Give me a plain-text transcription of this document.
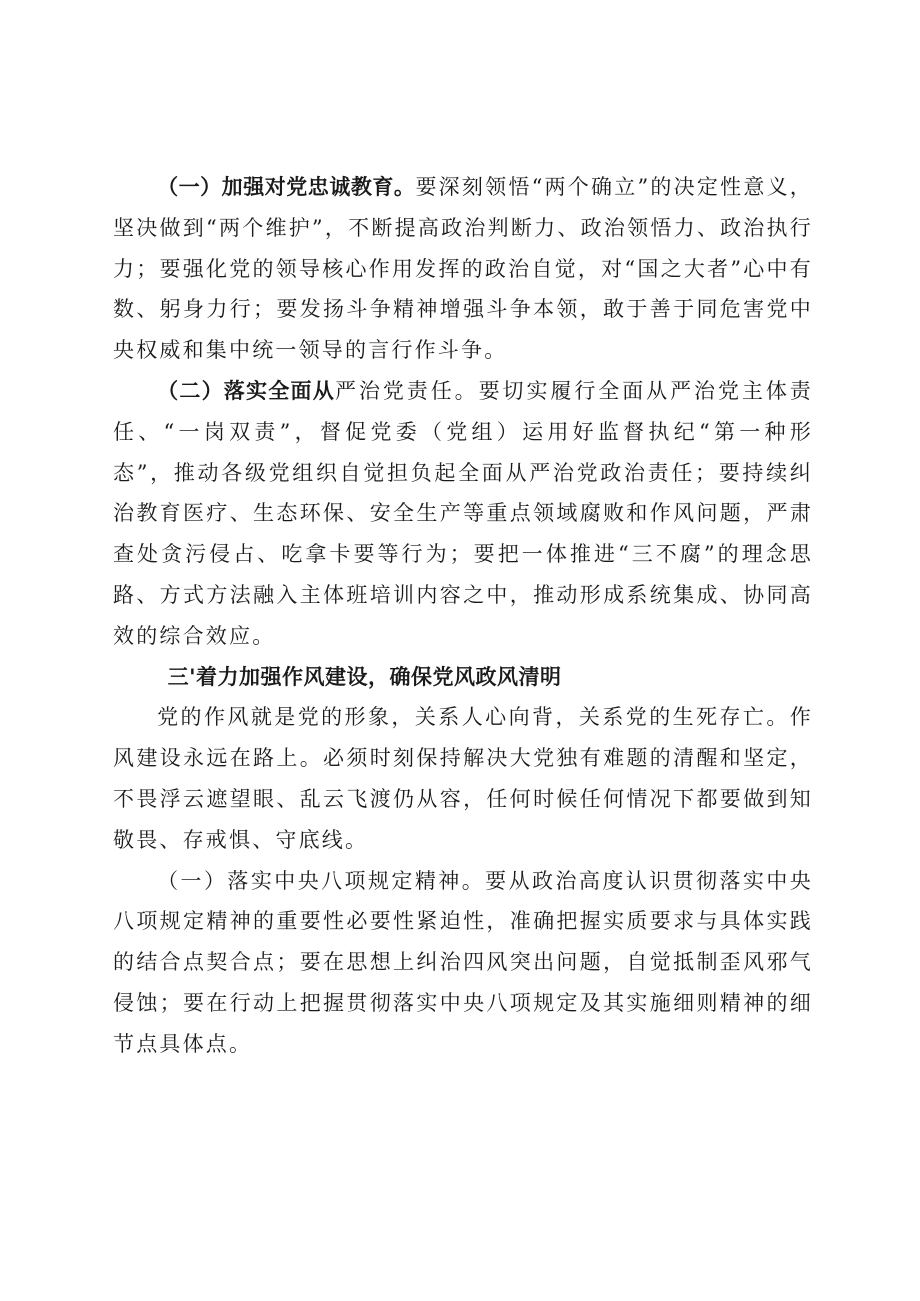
（一）加强对党忠诚教育。要深刻领悟“两个确立”的决定性意义，坚决做到“两个维护”，不断提高政治判断力、政治领悟力、政治执行力；要强化党的领导核心作用发挥的政治自觉，对“国之大者”心中有数、躬身力行；要发扬斗争精神增强斗争本领，敢于善于同危害党中央权威和集中统一领导的言行作斗争。

（二）落实全面从严治党责任。要切实履行全面从严治党主体责任、“一岗双责”，督促党委（党组）运用好监督执纪“第一种形态”，推动各级党组织自觉担负起全面从严治党政治责任；要持续纠治教育医疗、生态环保、安全生产等重点领域腐败和作风问题，严肃查处贪污侵占、吃拿卡要等行为；要把一体推进“三不腐”的理念思路、方式方法融入主体班培训内容之中，推动形成系统集成、协同高效的综合效应。

三'着力加强作风建设，确保党风政风清明

党的作风就是党的形象，关系人心向背，关系党的生死存亡。作风建设永远在路上。必须时刻保持解决大党独有难题的清醒和坚定，不畏浮云遮望眼、乱云飞渡仍从容，任何时候任何情况下都要做到知敬畏、存戒惧、守底线。

（一）落实中央八项规定精神。要从政治高度认识贯彻落实中央八项规定精神的重要性必要性紧迫性，准确把握实质要求与具体实践的结合点契合点；要在思想上纠治四风突出问题，自觉抵制歪风邪气侵蚀；要在行动上把握贯彻落实中央八项规定及其实施细则精神的细节点具体点。
